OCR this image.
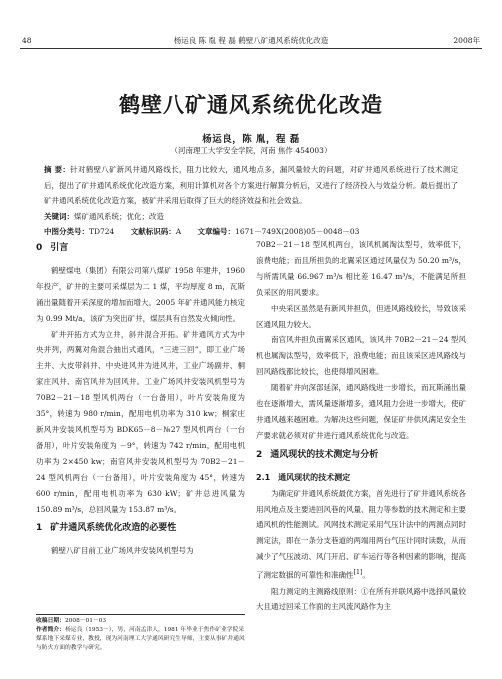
48	杨运良 陈 胤 程 磊 鹤壁八矿通风系统优化改造	2008年
鹤壁八矿通风系统优化改造
杨运良，陈 胤，程 磊
（河南理工大学安全学院，河南 焦作 454003）
摘 要：针对鹤壁八矿新风井通风路线长，阻力比较大，通风地点多，漏风量较大的问题，对矿井通风系统进行了技术测定后，提出了矿井通风系统优化改造方案，利用计算机对各个方案进行解算分析后，又进行了经济投入与效益分析。最后提出了矿井通风系统优化改造方案，被矿井采用后取得了巨大的经济效益和社会效益。
关键词：煤矿通风系统；优化；改造
中图分类号：TD724 文献标识码：A 文章编号：1671－749X(2008)05－0048－03
0 引言

鹤壁煤电（集团）有限公司第八煤矿 1958 年建井，1960 年投产，矿井的主要可采煤层为二 1 煤，平均厚度 8 m，瓦斯涌出量随着开采深度的增加而增大。2005 年矿井通风能力核定为 0.99 Mt/a。该矿为突出矿井，煤层具有自然发火倾向性。

矿井开拓方式为立井，斜井混合开拓。矿井通风方式为中央并列，两翼对角混合抽出式通风，“三进三回”，即工业广场主井、大皮带斜井、中央进风井为进风井，工业广场副井、桐家庄风井、南官风井为回风井。工业广场风井安装风机型号为 70B2－21－18 型风机两台（一台备用），叶片安装角度为 35°，转速为 980 r/min，配用电机功率为 310 kw；桐家庄新风井安装风机型号为 BDK65－8－№27 型风机两台（一台备用），叶片安装角度为 －9°，转速为 742 r/min，配用电机功率为 2×450 kw；南官风井安装风机型号为 70B2－21－24 型风机两台（一台备用），叶片安装角度为 45°，转速为 600 r/min，配用电机功率为 630 kW；矿井总进风量为 150.89 m³/s，总回风量为 153.87 m³/s。

1 矿井通风系统优化改造的必要性

鹤壁八矿目前工业广场风井安装风机型号为

70B2－21－18 型风机两台，该风机属淘汰型号，效率低下，浪费电能；而且所担负的北翼采区通过风量仅为 50.20 m³/s，与所需风量 66.967 m³/s 相比差 16.47 m³/s，不能满足所担负采区的用风要求。

中央采区虽然是有新风井担负，但进风路线较长，导致该采区通风阻力较大。

南官风井担负南翼采区通风，该风井 70B2－21－24 型风机也属淘汰型号，效率低下，浪费电能；而且该采区进风路线与回风路线都比较长，也使得增风困难。

随着矿井向深部延深，通风路线进一步增长，而瓦斯涌出量也在逐渐增大，需风量逐渐增多，通风阻力会进一步增大，使矿井通风越来越困难。为解决这些问题，保证矿井供风满足安全生产要求就必须对矿井进行通风系统优化与改造。

2 通风现状的技术测定与分析
2.1 通风现状的技术测定

为确定矿井通风系统最优方案，首先进行了矿井通风系统各用风地点及主要进回风巷的风量、阻力等参数的技术测定和主要通风机的性能测试。风网技术测定采用气压计法中的两测点同时测定法，即在一条分支巷道的两端用两台气压计同时读数，从而减少了气压波动、风门开启、矿车运行等各种因素的影响，提高了测定数据的可靠性和准确性[1]。

阻力测定的主测路线原则：①在所有并联风路中选择风量较大且通过回采工作面的主风流风路作为主

收稿日期：2008－01－03
作者简介：杨运良（1953－），男，河南孟津人，1981 年毕业于焦作矿业学院采煤系地下采煤专业，教授，现为河南理工大学通风研究生导师，主要从事矿井通风与防火方面的教学与研究。
